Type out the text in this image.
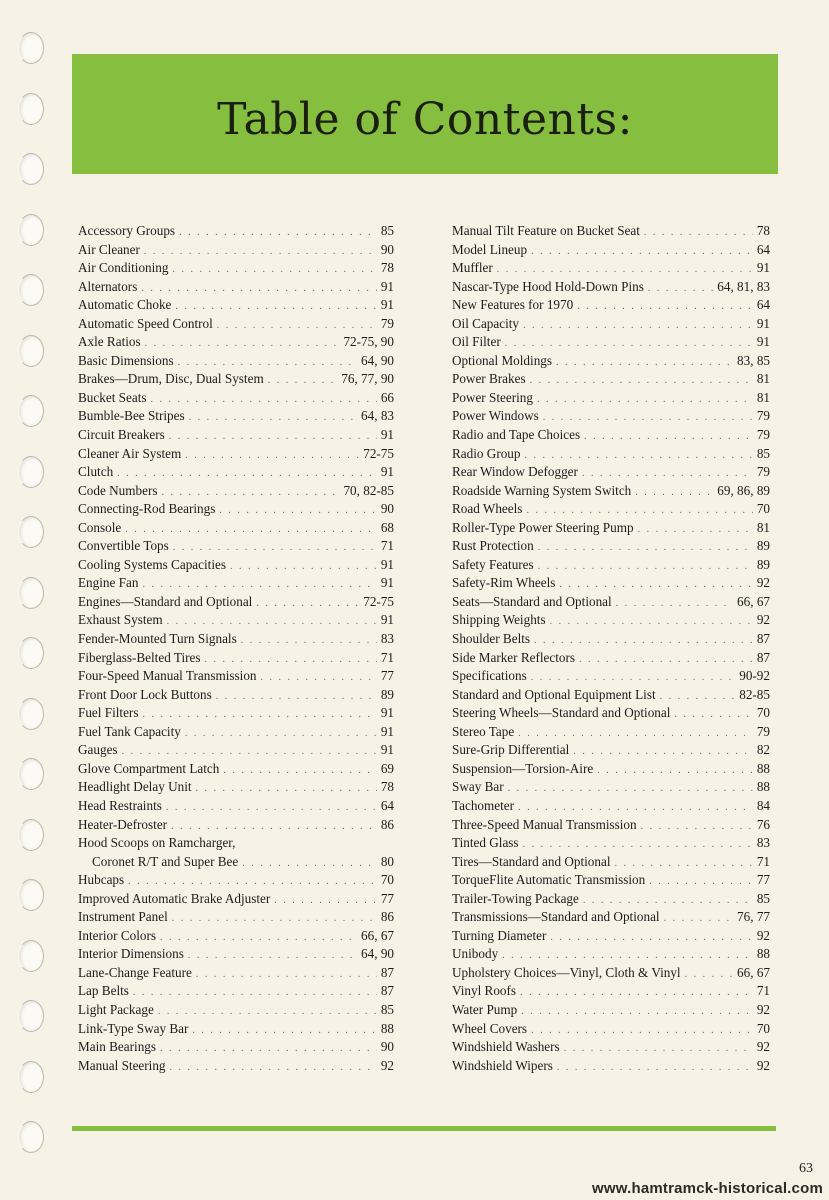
Table of Contents:
Accessory Groups . . .	85
Air Cleaner . . .	90
Air Conditioning . . .	78
Alternators . . .	91
Automatic Choke . . .	91
Automatic Speed Control . . .	79
Axle Ratios . . .	72-75, 90
Basic Dimensions . . .	64, 90
Brakes—Drum, Disc, Dual System . . .	76, 77, 90
Bucket Seats . . .	66
Bumble-Bee Stripes . . .	64, 83
Circuit Breakers . . .	91
Cleaner Air System . . .	72-75
Clutch . . .	91
Code Numbers . . .	70, 82-85
Connecting-Rod Bearings . . .	90
Console . . .	68
Convertible Tops . . .	71
Cooling Systems Capacities . . .	91
Engine Fan . . .	91
Engines—Standard and Optional . . .	72-75
Exhaust System . . .	91
Fender-Mounted Turn Signals . . .	83
Fiberglass-Belted Tires . . .	71
Four-Speed Manual Transmission . . .	77
Front Door Lock Buttons . . .	89
Fuel Filters . . .	91
Fuel Tank Capacity . . .	91
Gauges . . .	91
Glove Compartment Latch . . .	69
Headlight Delay Unit . . .	78
Head Restraints . . .	64
Heater-Defroster . . .	86
Hood Scoops on Ramcharger,
Coronet R/T and Super Bee . . .	80
Hubcaps . . .	70
Improved Automatic Brake Adjuster . . .	77
Instrument Panel . . .	86
Interior Colors . . .	66, 67
Interior Dimensions . . .	64, 90
Lane-Change Feature . . .	87
Lap Belts . . .	87
Light Package . . .	85
Link-Type Sway Bar . . .	88
Main Bearings . . .	90
Manual Steering . . .	92
Manual Tilt Feature on Bucket Seat . . .	78
Model Lineup . . .	64
Muffler . . .	91
Nascar-Type Hood Hold-Down Pins . . .	64, 81, 83
New Features for 1970 . . .	64
Oil Capacity . . .	91
Oil Filter . . .	91
Optional Moldings . . .	83, 85
Power Brakes . . .	81
Power Steering . . .	81
Power Windows . . .	79
Radio and Tape Choices . . .	79
Radio Group . . .	85
Rear Window Defogger . . .	79
Roadside Warning System Switch . . .	69, 86, 89
Road Wheels . . .	70
Roller-Type Power Steering Pump . . .	81
Rust Protection . . .	89
Safety Features . . .	89
Safety-Rim Wheels . . .	92
Seats—Standard and Optional . . .	66, 67
Shipping Weights . . .	92
Shoulder Belts . . .	87
Side Marker Reflectors . . .	87
Specifications . . .	90-92
Standard and Optional Equipment List . . .	82-85
Steering Wheels—Standard and Optional . . .	70
Stereo Tape . . .	79
Sure-Grip Differential . . .	82
Suspension—Torsion-Aire . . .	88
Sway Bar . . .	88
Tachometer . . .	84
Three-Speed Manual Transmission . . .	76
Tinted Glass . . .	83
Tires—Standard and Optional . . .	71
TorqueFlite Automatic Transmission . . .	77
Trailer-Towing Package . . .	85
Transmissions—Standard and Optional . . .	76, 77
Turning Diameter . . .	92
Unibody . . .	88
Upholstery Choices—Vinyl, Cloth & Vinyl . . .	66, 67
Vinyl Roofs . . .	71
Water Pump . . .	92
Wheel Covers . . .	70
Windshield Washers . . .	92
Windshield Wipers . . .	92
63
www.hamtramck-historical.com
